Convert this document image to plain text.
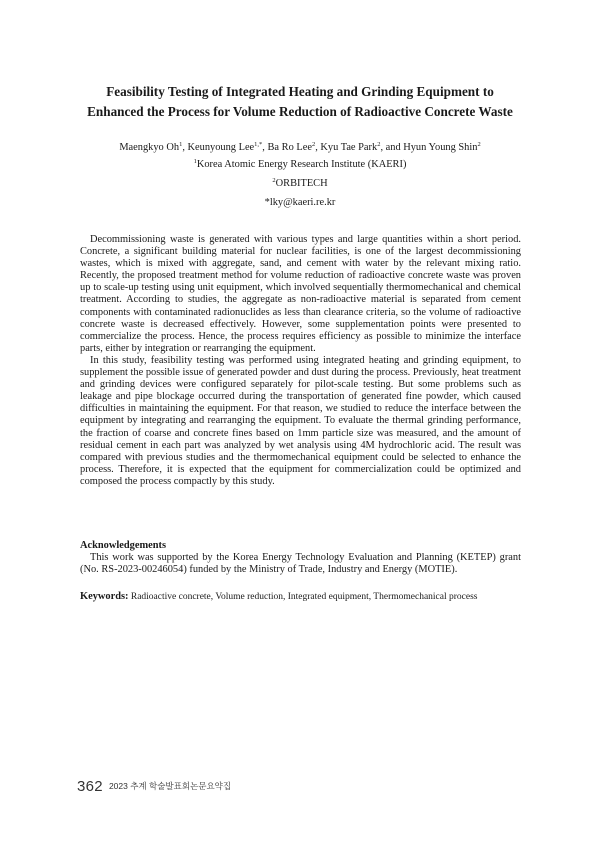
Feasibility Testing of Integrated Heating and Grinding Equipment to
Enhanced the Process for Volume Reduction of Radioactive Concrete Waste
Maengkyo Oh$^1$, Keunyoung Lee$^{1,*}$, Ba Ro Lee$^2$, Kyu Tae Park$^2$, and Hyun Young Shin$^2$
$^1$Korea Atomic Energy Research Institute (KAERI)
$^2$ORBITECH
*lky@kaeri.re.kr

Decommissioning waste is generated with various types and large quantities within a short period. Concrete, a significant building material for nuclear facilities, is one of the largest decommissioning wastes, which is mixed with aggregate, sand, and cement with water by the relevant mixing ratio. Recently, the proposed treatment method for volume reduction of radioactive concrete waste was proven up to scale-up testing using unit equipment, which involved sequentially thermomechanical and chemical treatment. According to studies, the aggregate as non-radioactive material is separated from cement components with contaminated radionuclides as less than clearance criteria, so the volume of radioactive concrete waste is decreased effectively. However, some supplementation points were presented to commercialize the process. Hence, the process requires efficiency as possible to minimize the interface parts, either by integration or rearranging the equipment.

In this study, feasibility testing was performed using integrated heating and grinding equipment, to supplement the possible issue of generated powder and dust during the process. Previously, heat treatment and grinding devices were configured separately for pilot-scale testing. But some problems such as leakage and pipe blockage occurred during the transportation of generated fine powder, which caused difficulties in maintaining the equipment. For that reason, we studied to reduce the interface between the equipment by integrating and rearranging the equipment. To evaluate the thermal grinding performance, the fraction of coarse and concrete fines based on 1mm particle size was measured, and the amount of residual cement in each part was analyzed by wet analysis using 4M hydrochloric acid. The result was compared with previous studies and the thermomechanical equipment could be selected to enhance the process. Therefore, it is expected that the equipment for commercialization could be optimized and composed the process compactly by this study.

Acknowledgements
This work was supported by the Korea Energy Technology Evaluation and Planning (KETEP) grant (No. RS-2023-00246054) funded by the Ministry of Trade, Industry and Energy (MOTIE).
Keywords: Radioactive concrete, Volume reduction, Integrated equipment, Thermomechanical process
362 2023 추계 학술발표회논문요약집
